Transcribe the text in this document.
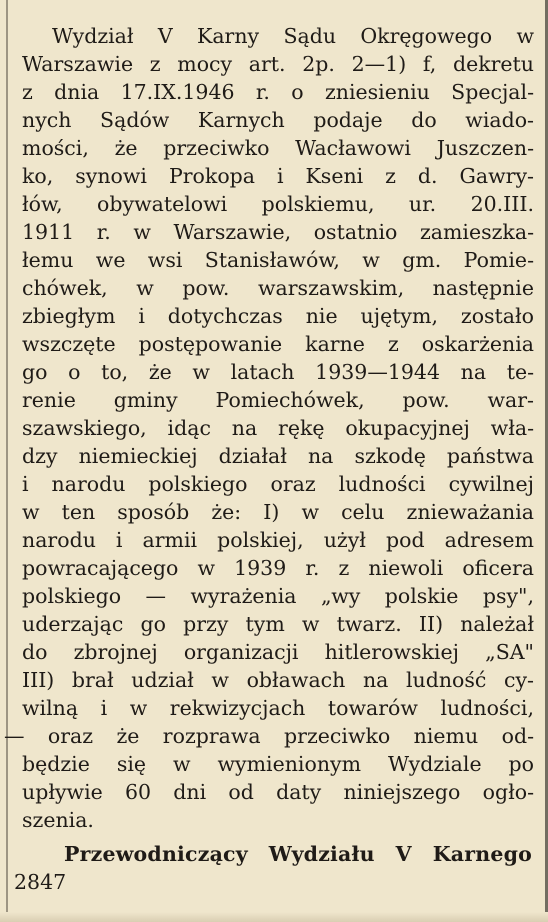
Wydział V Karny Sądu Okręgowego w
Warszawie z mocy art. 2p. 2—1) f, dekretu
z dnia 17.IX.1946 r. o zniesieniu Specjal-
nych Sądów Karnych podaje do wiado-
mości, że przeciwko Wacławowi Juszczen-
ko, synowi Prokopa i Kseni z d. Gawry-
łów, obywatelowi polskiemu, ur. 20.III.
1911 r. w Warszawie, ostatnio zamieszka-
łemu we wsi Stanisławów, w gm. Pomie-
chówek, w pow. warszawskim, następnie
zbiegłym i dotychczas nie ujętym, zostało
wszczęte postępowanie karne z oskarżenia
go o to, że w latach 1939—1944 na te-
renie gminy Pomiechówek, pow. war-
szawskiego, idąc na rękę okupacyjnej wła-
dzy niemieckiej działał na szkodę państwa
i narodu polskiego oraz ludności cywilnej
w ten sposób że: I) w celu znieważania
narodu i armii polskiej, użył pod adresem
powracającego w 1939 r. z niewoli oficera
polskiego — wyrażenia „wy polskie psy",
uderzając go przy tym w twarz. II) należał
do zbrojnej organizacji hitlerowskiej „SA"
III) brał udział w obławach na ludność cy-
wilną i w rekwizycjach towarów ludności,
— oraz że rozprawa przeciwko niemu od-
będzie się w wymienionym Wydziale po
upływie 60 dni od daty niniejszego ogło-
szenia.
Przewodniczący Wydziału V Karnego
2847
